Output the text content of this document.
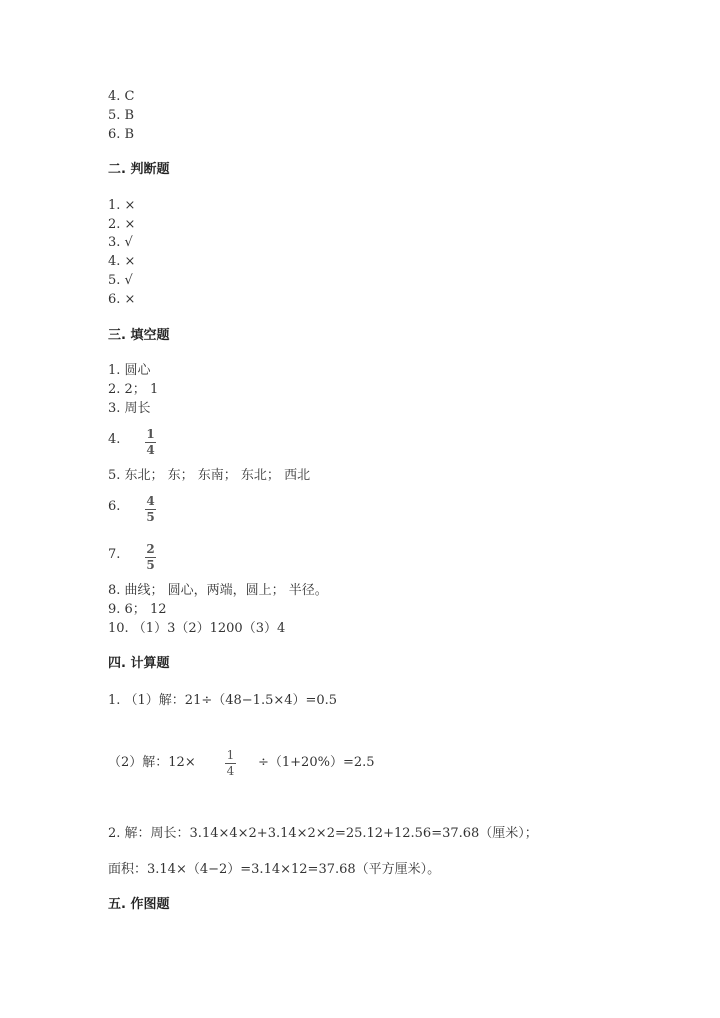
4. C
5. B
6. B
二. 判断题
1. ×
2. ×
3. √
4. ×
5. √
6. ×
三. 填空题
1. 圆心
2. 2； 1
3. 周长
4. 1
4
5. 东北； 东； 东南； 东北； 西北
6. 4
5
7. 2
5
8. 曲线； 圆心，两端，圆上； 半径。
9. 6； 12
10. （1）3（2）1200（3）4
四. 计算题
1. （1）解：21÷（48−1.5×4）=0.5
（2）解：12×	1
4
÷（1+20%）=2.5
2. 解：周长：3.14×4×2+3.14×2×2=25.12+12.56=37.68（厘米）；
面积：3.14×（4−2）=3.14×12=37.68（平方厘米）。
五. 作图题
